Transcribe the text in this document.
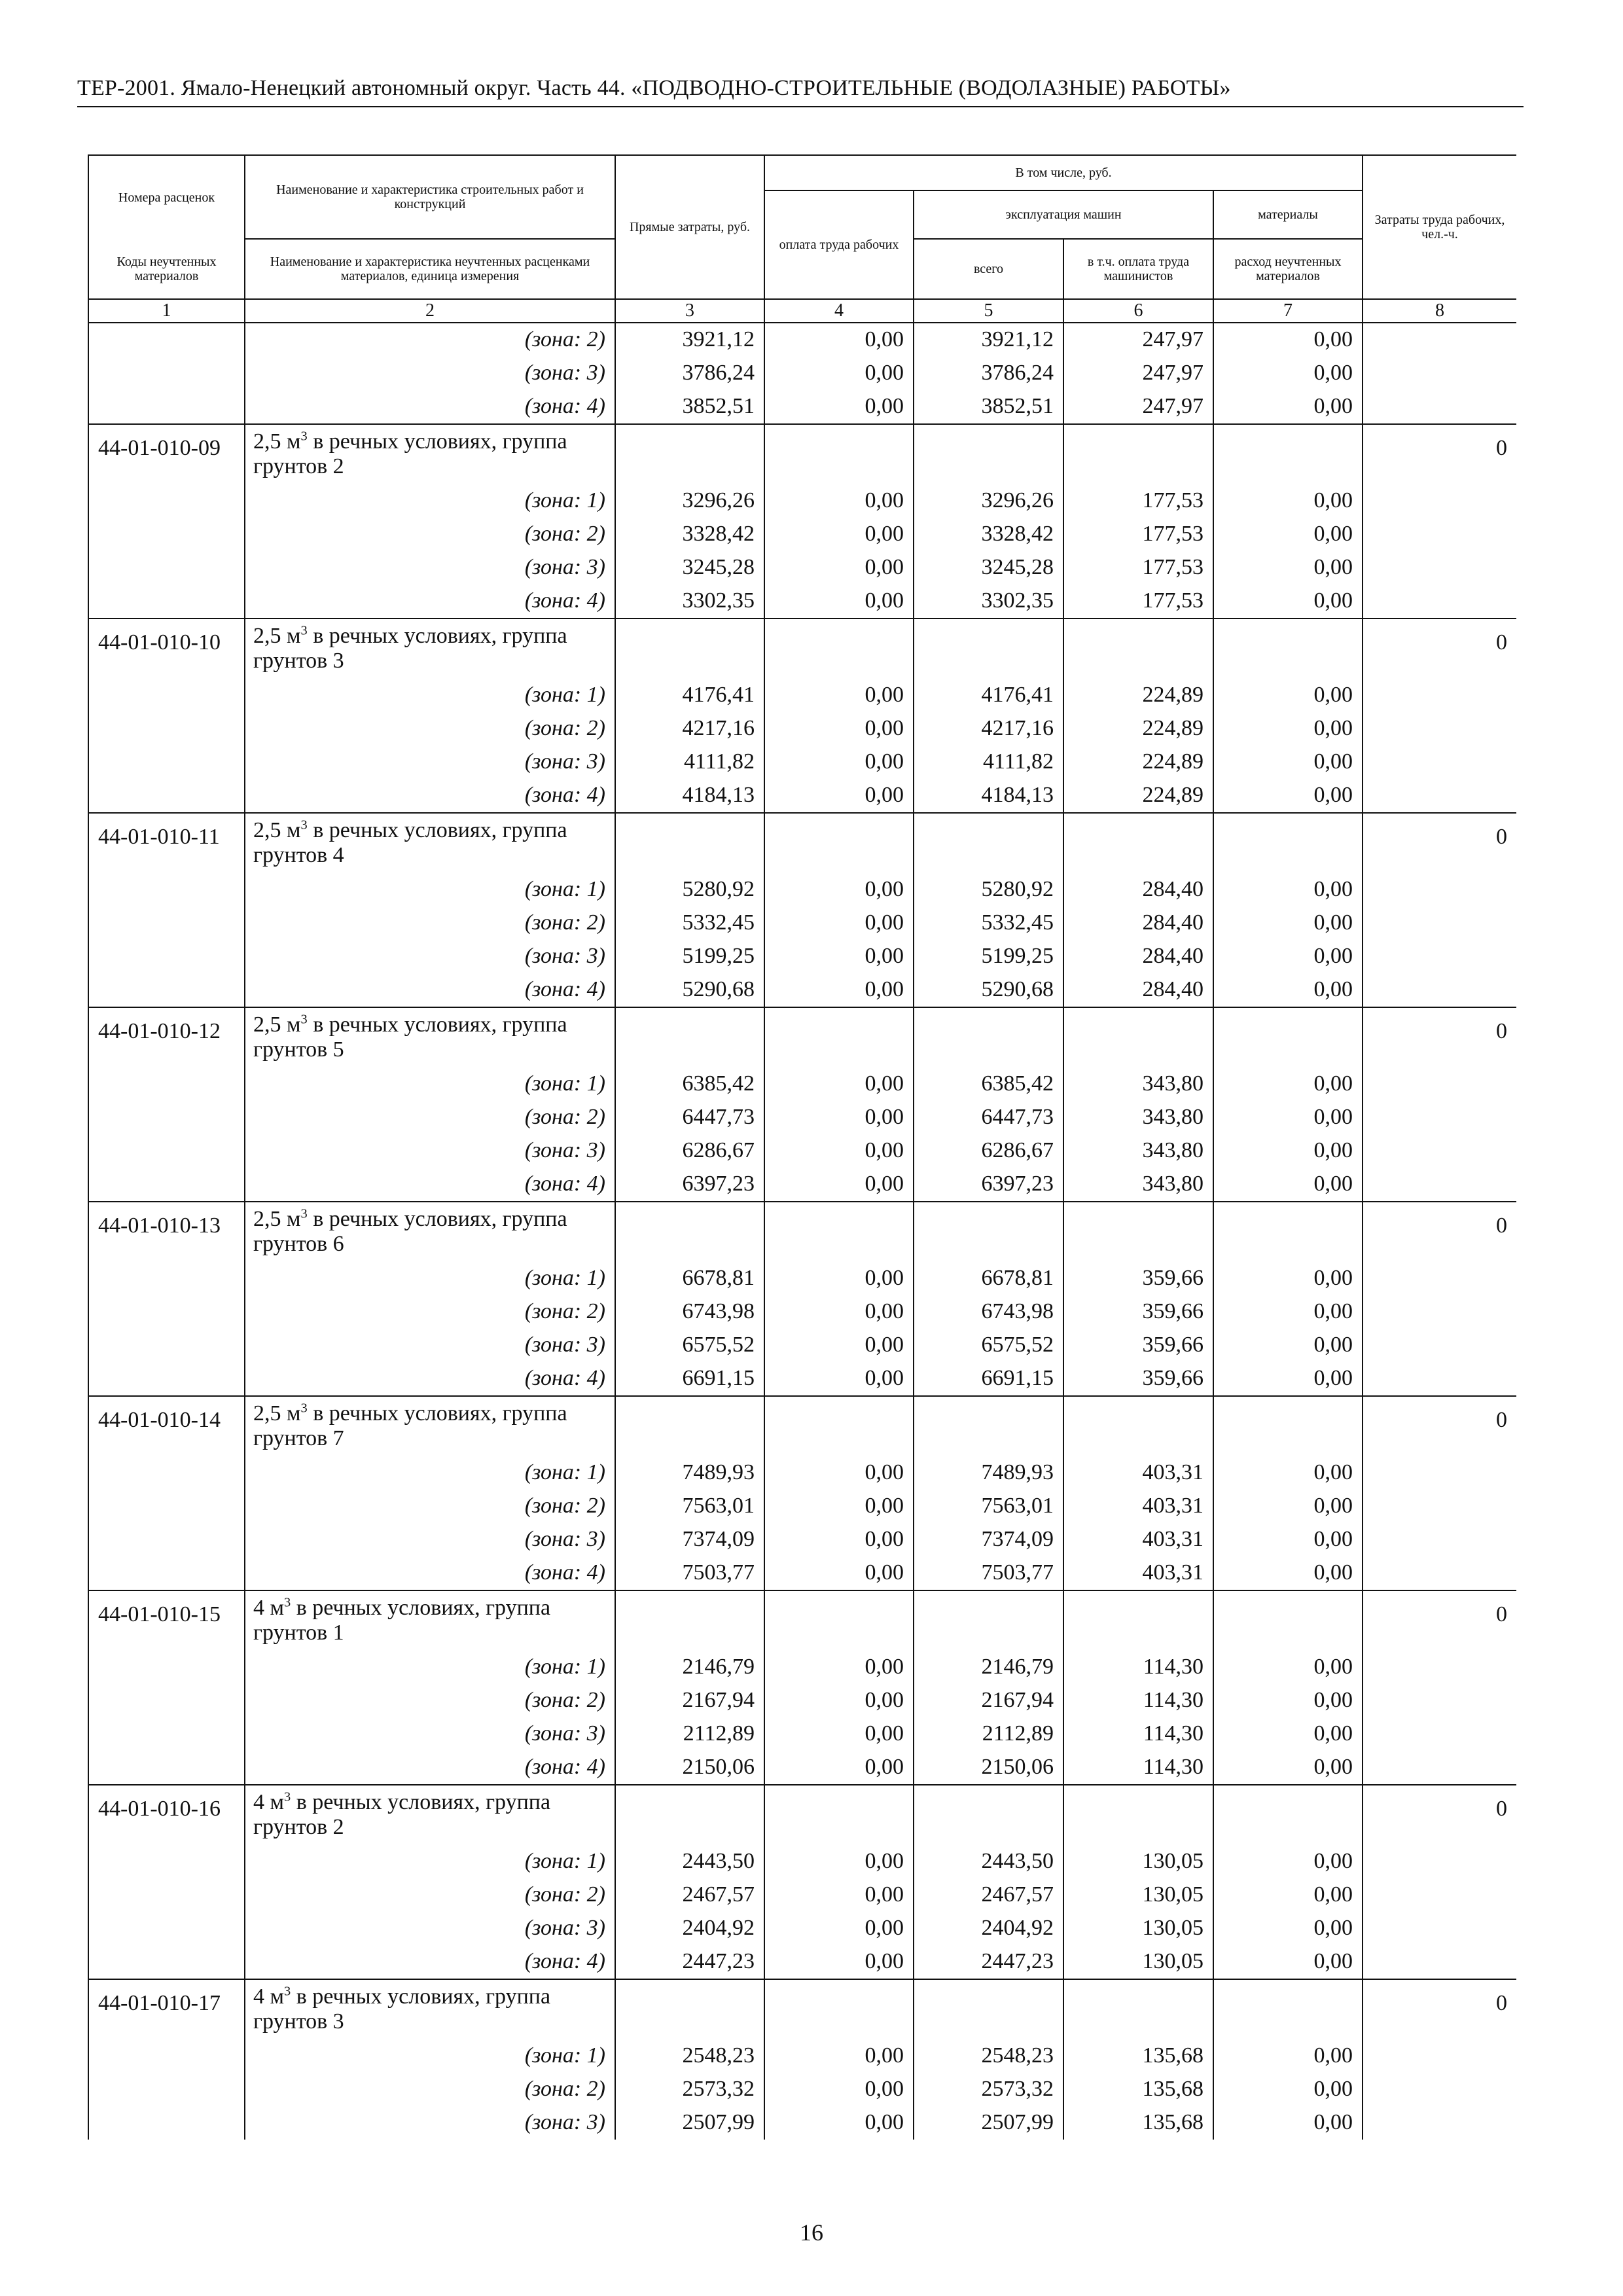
ТЕР-2001. Ямало-Ненецкий автономный округ. Часть 44. «ПОДВОДНО-СТРОИТЕЛЬНЫЕ (ВОДОЛАЗНЫЕ) РАБОТЫ»
Номера расценок	Наименование и характеристика строительных работ и конструкций	Прямые затраты, руб.	В том числе, руб.				Затраты труда рабочих, чел.-ч.
			оплата труда рабочих	эксплуатация машин		материалы	
Коды неучтенных материалов	Наименование и характеристика неучтенных расценками материалов, единица измерения			всего	в т.ч. оплата труда машинистов	расход неучтенных материалов	
1	2	3	4	5	6	7	8
	(зона: 2)	3921,12	0,00	3921,12	247,97	0,00	
	(зона: 3)	3786,24	0,00	3786,24	247,97	0,00	
	(зона: 4)	3852,51	0,00	3852,51	247,97	0,00	
44-01-010-09	2,5 $м^3$ в речных условиях, группа грунтов 2						0
	(зона: 1)	3296,26	0,00	3296,26	177,53	0,00	
	(зона: 2)	3328,42	0,00	3328,42	177,53	0,00	
	(зона: 3)	3245,28	0,00	3245,28	177,53	0,00	
	(зона: 4)	3302,35	0,00	3302,35	177,53	0,00	
44-01-010-10	2,5 $м^3$ в речных условиях, группа грунтов 3						0
	(зона: 1)	4176,41	0,00	4176,41	224,89	0,00	
	(зона: 2)	4217,16	0,00	4217,16	224,89	0,00	
	(зона: 3)	4111,82	0,00	4111,82	224,89	0,00	
	(зона: 4)	4184,13	0,00	4184,13	224,89	0,00	
44-01-010-11	2,5 $м^3$ в речных условиях, группа грунтов 4						0
	(зона: 1)	5280,92	0,00	5280,92	284,40	0,00	
	(зона: 2)	5332,45	0,00	5332,45	284,40	0,00	
	(зона: 3)	5199,25	0,00	5199,25	284,40	0,00	
	(зона: 4)	5290,68	0,00	5290,68	284,40	0,00	
44-01-010-12	2,5 $м^3$ в речных условиях, группа грунтов 5						0
	(зона: 1)	6385,42	0,00	6385,42	343,80	0,00	
	(зона: 2)	6447,73	0,00	6447,73	343,80	0,00	
	(зона: 3)	6286,67	0,00	6286,67	343,80	0,00	
	(зона: 4)	6397,23	0,00	6397,23	343,80	0,00	
44-01-010-13	2,5 $м^3$ в речных условиях, группа грунтов 6						0
	(зона: 1)	6678,81	0,00	6678,81	359,66	0,00	
	(зона: 2)	6743,98	0,00	6743,98	359,66	0,00	
	(зона: 3)	6575,52	0,00	6575,52	359,66	0,00	
	(зона: 4)	6691,15	0,00	6691,15	359,66	0,00	
44-01-010-14	2,5 $м^3$ в речных условиях, группа грунтов 7						0
	(зона: 1)	7489,93	0,00	7489,93	403,31	0,00	
	(зона: 2)	7563,01	0,00	7563,01	403,31	0,00	
	(зона: 3)	7374,09	0,00	7374,09	403,31	0,00	
	(зона: 4)	7503,77	0,00	7503,77	403,31	0,00	
44-01-010-15	4 $м^3$ в речных условиях, группа грунтов 1						0
	(зона: 1)	2146,79	0,00	2146,79	114,30	0,00	
	(зона: 2)	2167,94	0,00	2167,94	114,30	0,00	
	(зона: 3)	2112,89	0,00	2112,89	114,30	0,00	
	(зона: 4)	2150,06	0,00	2150,06	114,30	0,00	
44-01-010-16	4 $м^3$ в речных условиях, группа грунтов 2						0
	(зона: 1)	2443,50	0,00	2443,50	130,05	0,00	
	(зона: 2)	2467,57	0,00	2467,57	130,05	0,00	
	(зона: 3)	2404,92	0,00	2404,92	130,05	0,00	
	(зона: 4)	2447,23	0,00	2447,23	130,05	0,00	
44-01-010-17	4 $м^3$ в речных условиях, группа грунтов 3						0
	(зона: 1)	2548,23	0,00	2548,23	135,68	0,00	
	(зона: 2)	2573,32	0,00	2573,32	135,68	0,00	
	(зона: 3)	2507,99	0,00	2507,99	135,68	0,00	
16
